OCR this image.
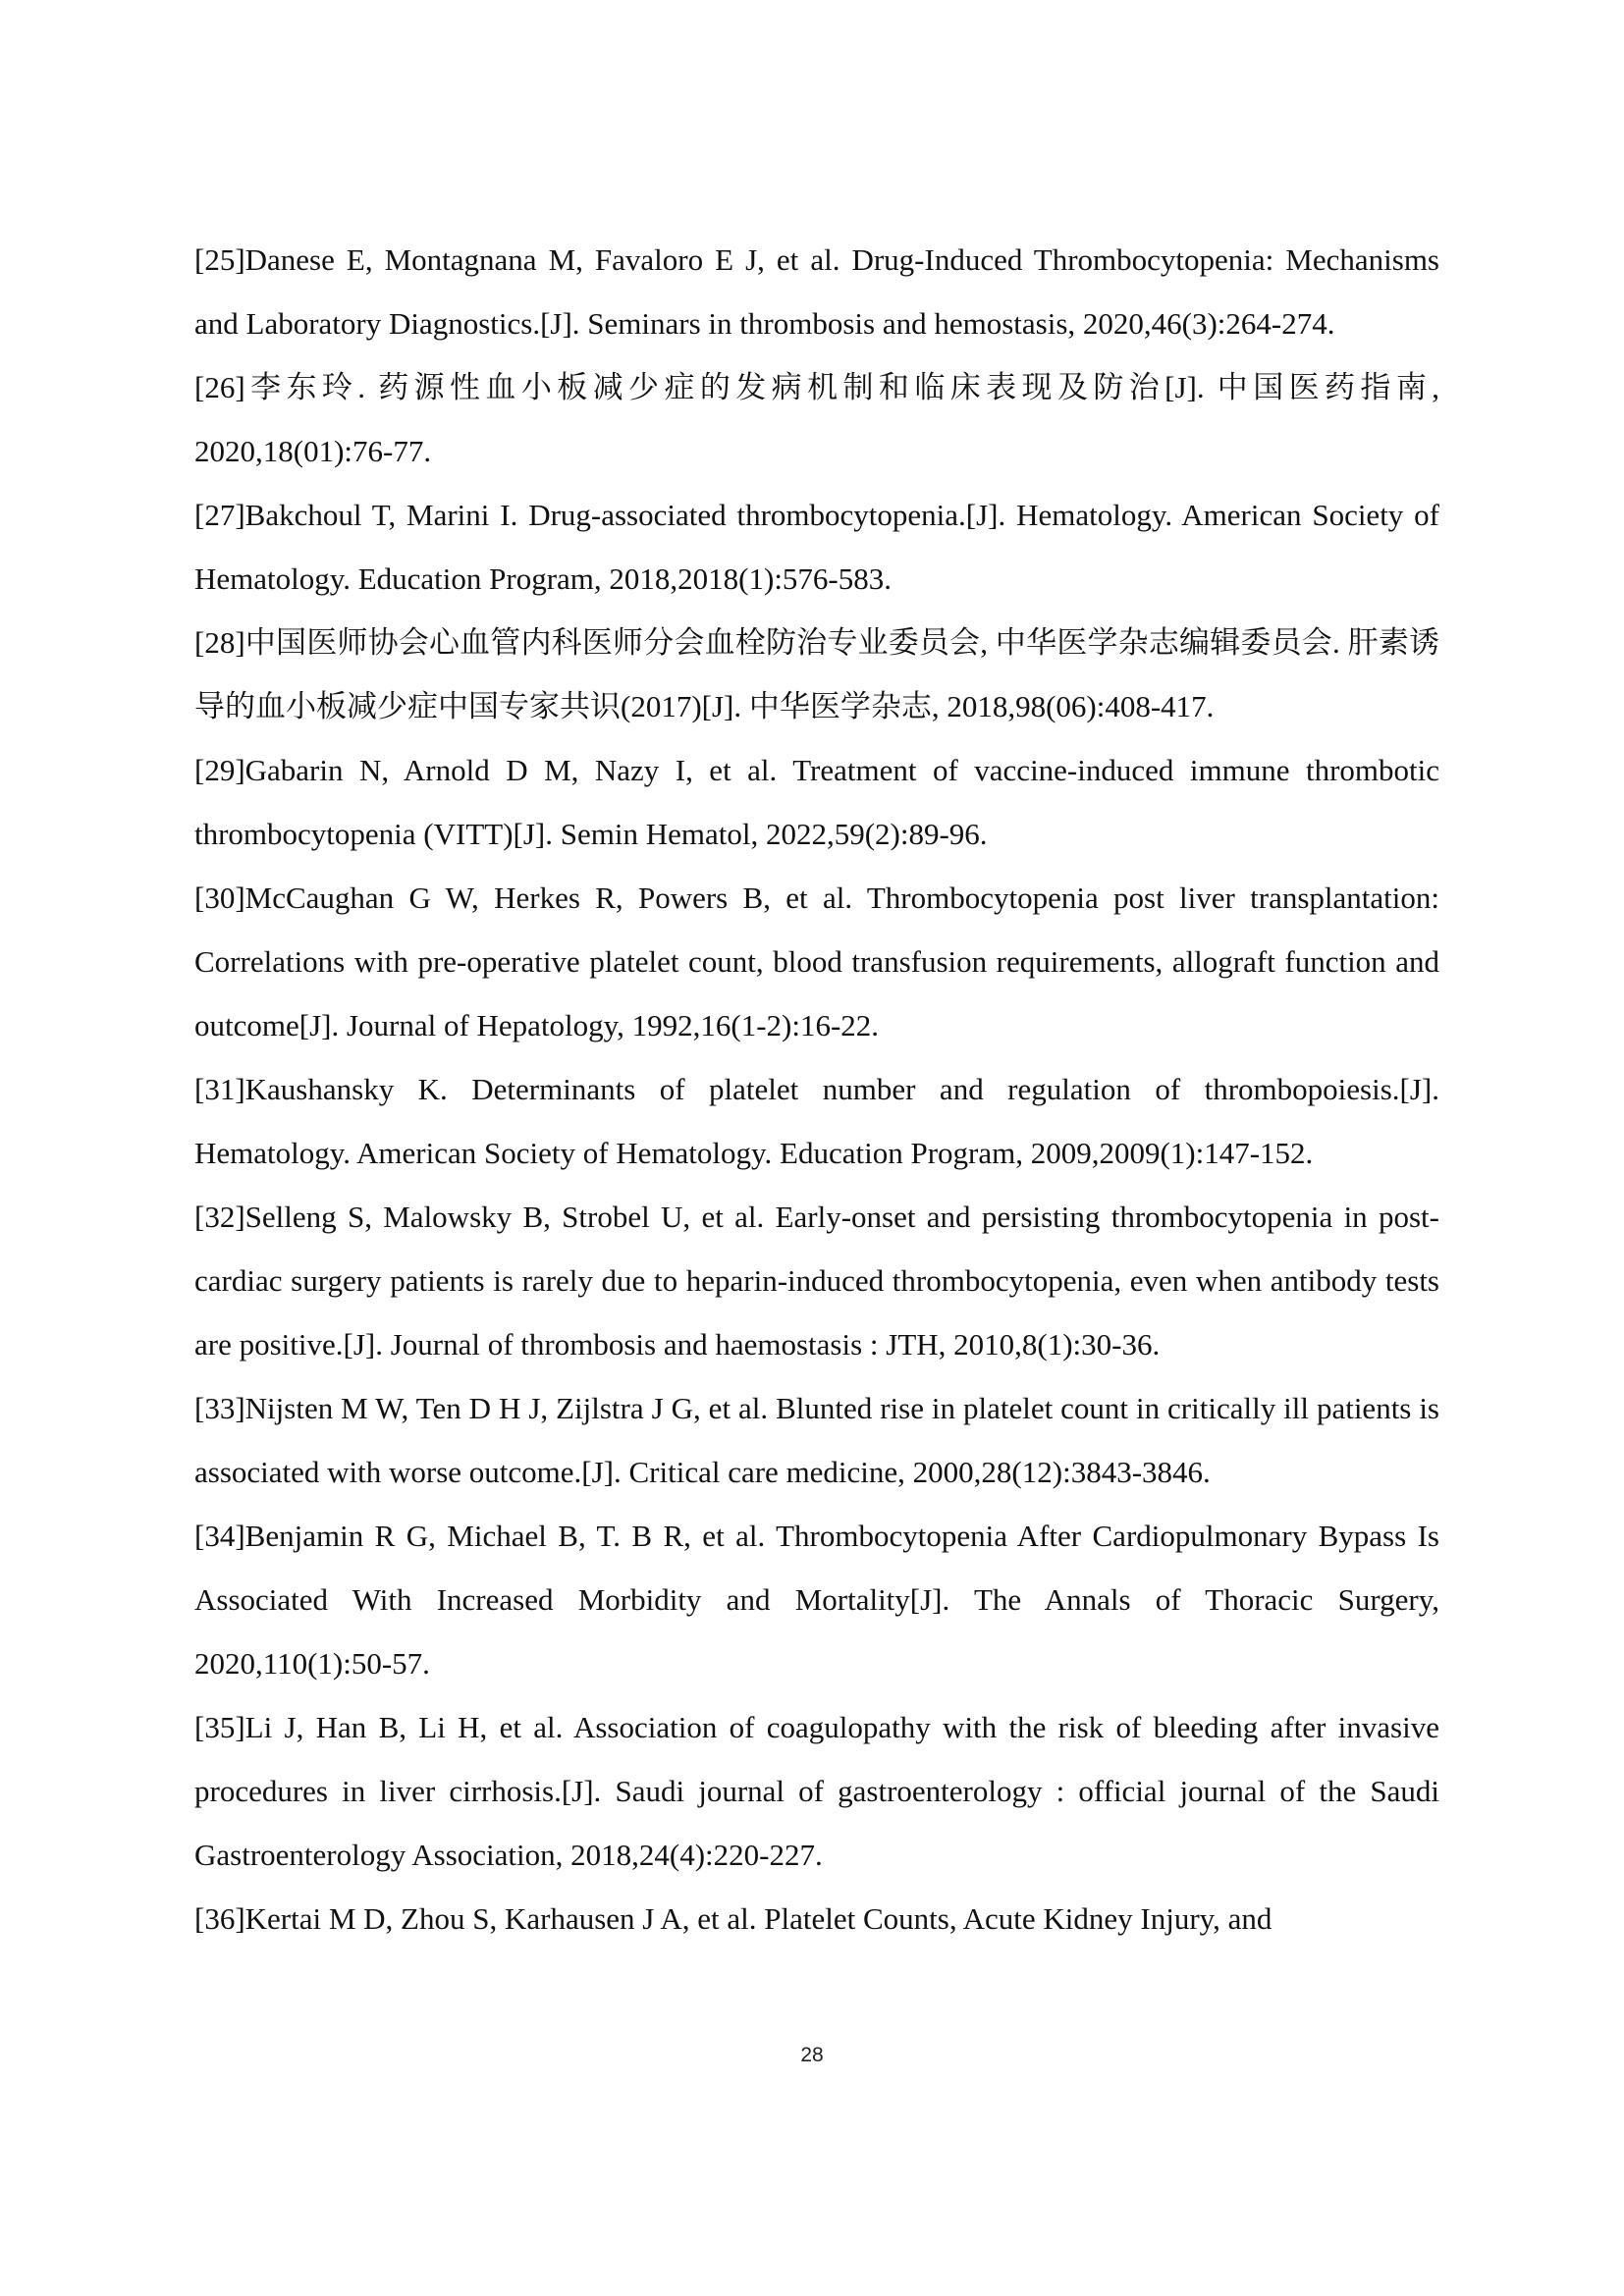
[25]Danese E, Montagnana M, Favaloro E J, et al. Drug-Induced Thrombocytopenia: Mechanisms and Laboratory Diagnostics.[J]. Seminars in thrombosis and hemostasis, 2020,46(3):264-274.
[26]李东玲. 药源性血小板减少症的发病机制和临床表现及防治[J]. 中国医药指南, 2020,18(01):76-77.
[27]Bakchoul T, Marini I. Drug-associated thrombocytopenia.[J]. Hematology. American Society of Hematology. Education Program, 2018,2018(1):576-583.
[28]中国医师协会心血管内科医师分会血栓防治专业委员会, 中华医学杂志编辑委员会. 肝素诱导的血小板减少症中国专家共识(2017)[J]. 中华医学杂志, 2018,98(06):408-417.
[29]Gabarin N, Arnold D M, Nazy I, et al. Treatment of vaccine-induced immune thrombotic thrombocytopenia (VITT)[J]. Semin Hematol, 2022,59(2):89-96.
[30]McCaughan G W, Herkes R, Powers B, et al. Thrombocytopenia post liver transplantation: Correlations with pre-operative platelet count, blood transfusion requirements, allograft function and outcome[J]. Journal of Hepatology, 1992,16(1-2):16-22.
[31]Kaushansky K. Determinants of platelet number and regulation of thrombopoiesis.[J]. Hematology. American Society of Hematology. Education Program, 2009,2009(1):147-152.
[32]Selleng S, Malowsky B, Strobel U, et al. Early-onset and persisting thrombocytopenia in post-cardiac surgery patients is rarely due to heparin-induced thrombocytopenia, even when antibody tests are positive.[J]. Journal of thrombosis and haemostasis : JTH, 2010,8(1):30-36.
[33]Nijsten M W, Ten D H J, Zijlstra J G, et al. Blunted rise in platelet count in critically ill patients is associated with worse outcome.[J]. Critical care medicine, 2000,28(12):3843-3846.
[34]Benjamin R G, Michael B, T. B R, et al. Thrombocytopenia After Cardiopulmonary Bypass Is Associated With Increased Morbidity and Mortality[J]. The Annals of Thoracic Surgery, 2020,110(1):50-57.
[35]Li J, Han B, Li H, et al. Association of coagulopathy with the risk of bleeding after invasive procedures in liver cirrhosis.[J]. Saudi journal of gastroenterology : official journal of the Saudi Gastroenterology Association, 2018,24(4):220-227.
[36]Kertai M D, Zhou S, Karhausen J A, et al. Platelet Counts, Acute Kidney Injury, and
28
